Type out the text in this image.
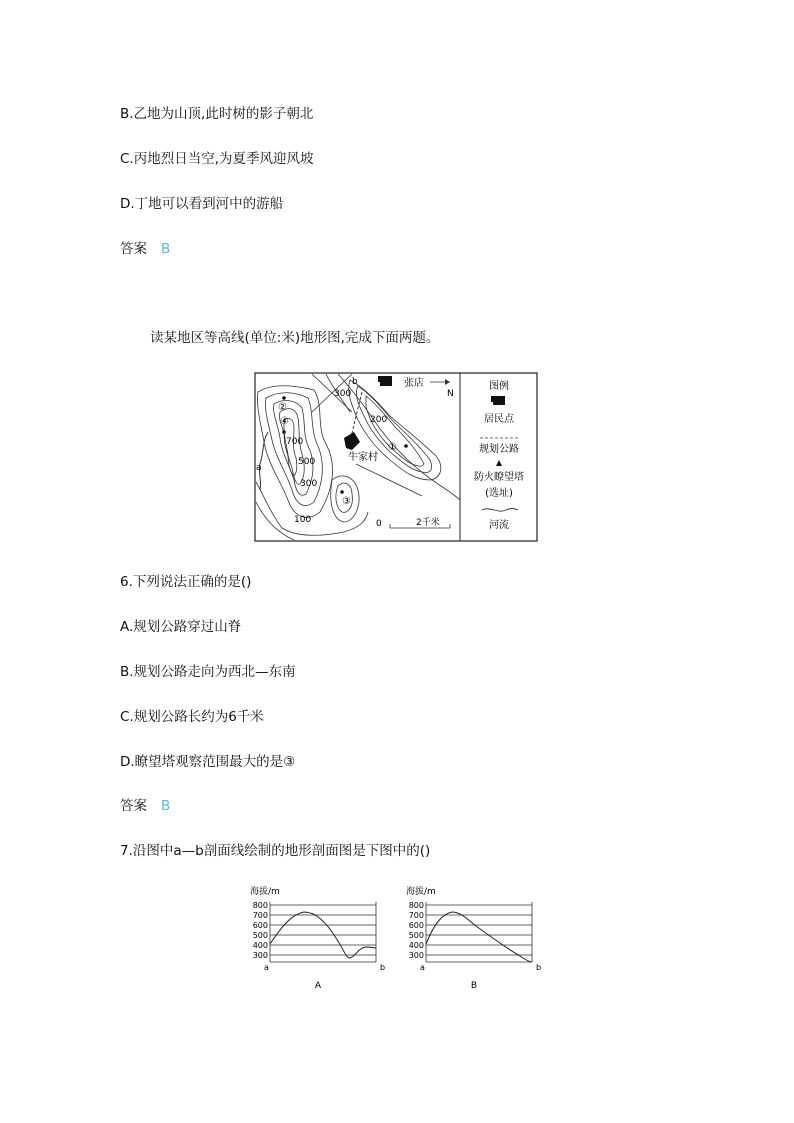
B.乙地为山顶,此时树的影子朝北
C.丙地烈日当空,为夏季风迎风坡
D.丁地可以看到河中的游船
答案 B
读某地区等高线(单位:米)地形图,完成下面两题。
张店
N
牛家村
300
200
700
500
300
100
a
b
①
②
③
④
0	2千米
图例
居民点
规划公路
防火瞭望塔
(选址)
河流
6.下列说法正确的是()
A.规划公路穿过山脊
B.规划公路走向为西北—东南
C.规划公路长约为6千米
D.瞭望塔观察范围最大的是③
答案 B
7.沿图中a—b剖面线绘制的地形剖面图是下图中的()
海拔/m
800
700
600
500
400
300
a	b
A
海拔/m
800
700
600
500
400
300
a	b
B
